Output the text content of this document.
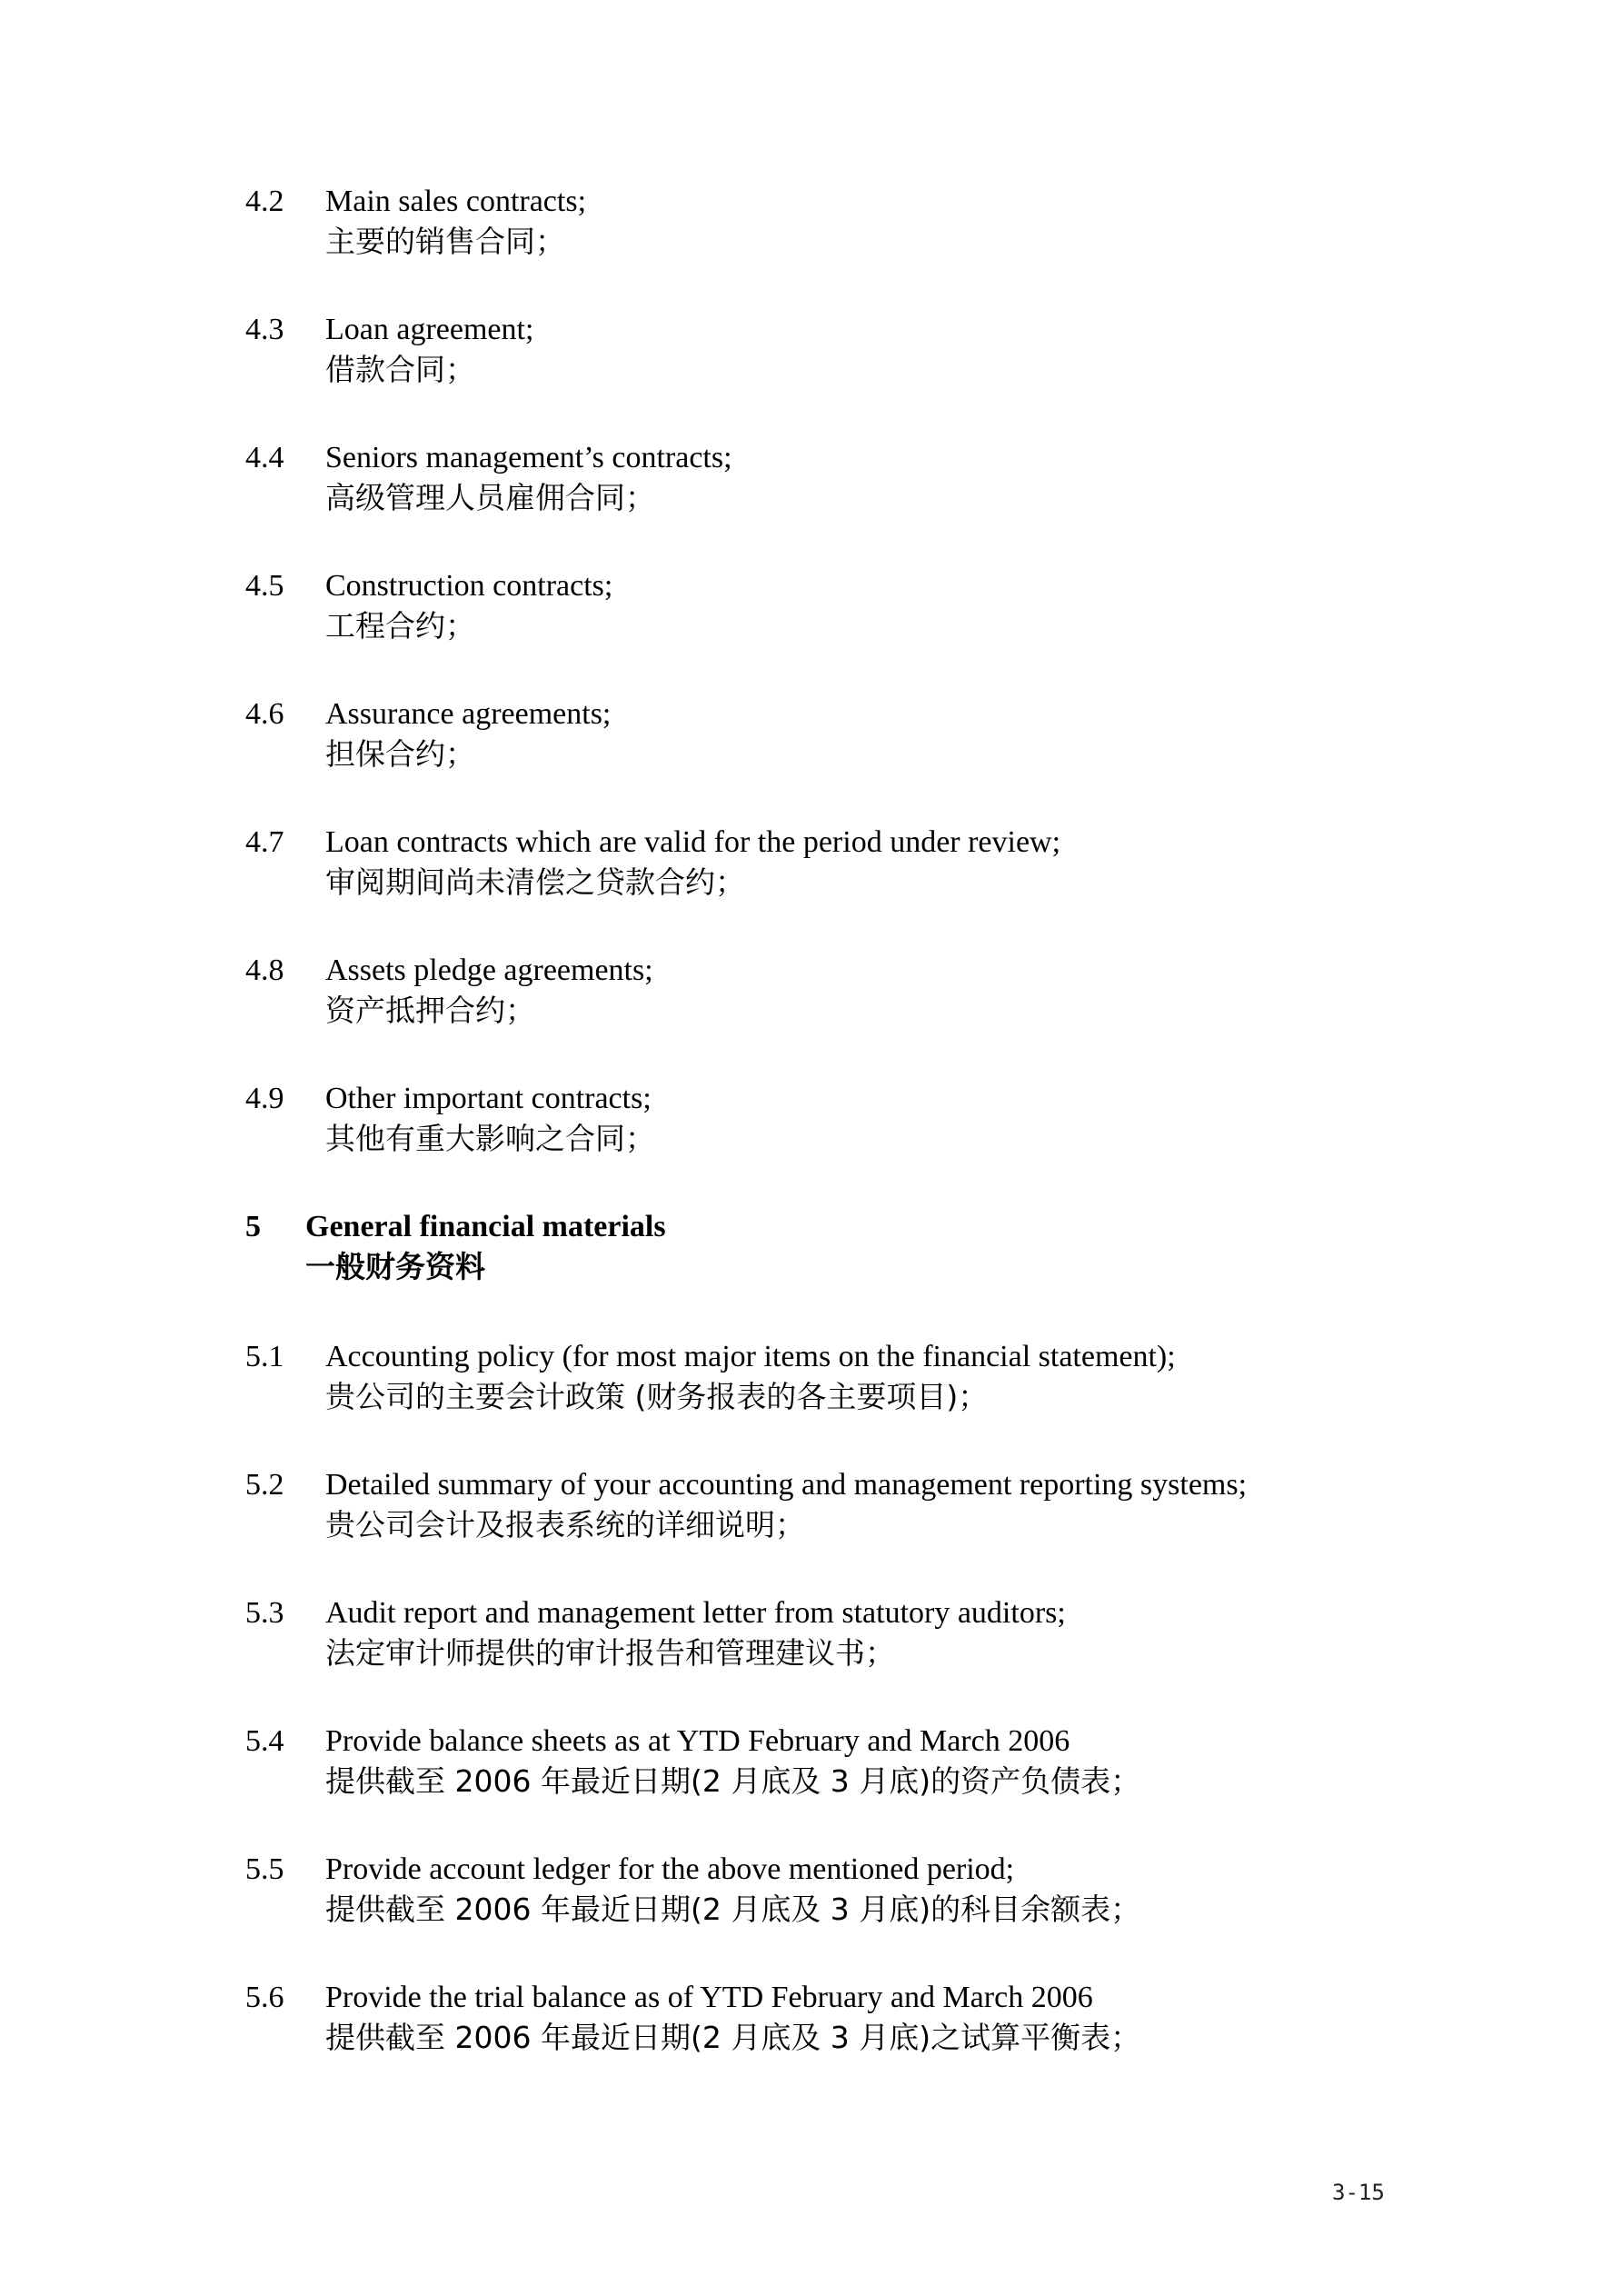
4.2 Main sales contracts;
主要的销售合同；
4.3 Loan agreement;
借款合同；
4.4 Seniors management’s contracts;
高级管理人员雇佣合同；
4.5 Construction contracts;
工程合约；
4.6 Assurance agreements;
担保合约；
4.7 Loan contracts which are valid for the period under review;
审阅期间尚未清偿之贷款合约；
4.8 Assets pledge agreements;
资产抵押合约；
4.9 Other important contracts;
其他有重大影响之合同；
5 General financial materials
一般财务资料
5.1 Accounting policy (for most major items on the financial statement);
贵公司的主要会计政策 (财务报表的各主要项目)；
5.2 Detailed summary of your accounting and management reporting systems;
贵公司会计及报表系统的详细说明；
5.3 Audit report and management letter from statutory auditors;
法定审计师提供的审计报告和管理建议书；
5.4 Provide balance sheets as at YTD February and March 2006
提供截至 2006 年最近日期(2 月底及 3 月底)的资产负债表；
5.5 Provide account ledger for the above mentioned period;
提供截至 2006 年最近日期(2 月底及 3 月底)的科目余额表；
5.6 Provide the trial balance as of YTD February and March 2006
提供截至 2006 年最近日期(2 月底及 3 月底)之试算平衡表；
3-15
